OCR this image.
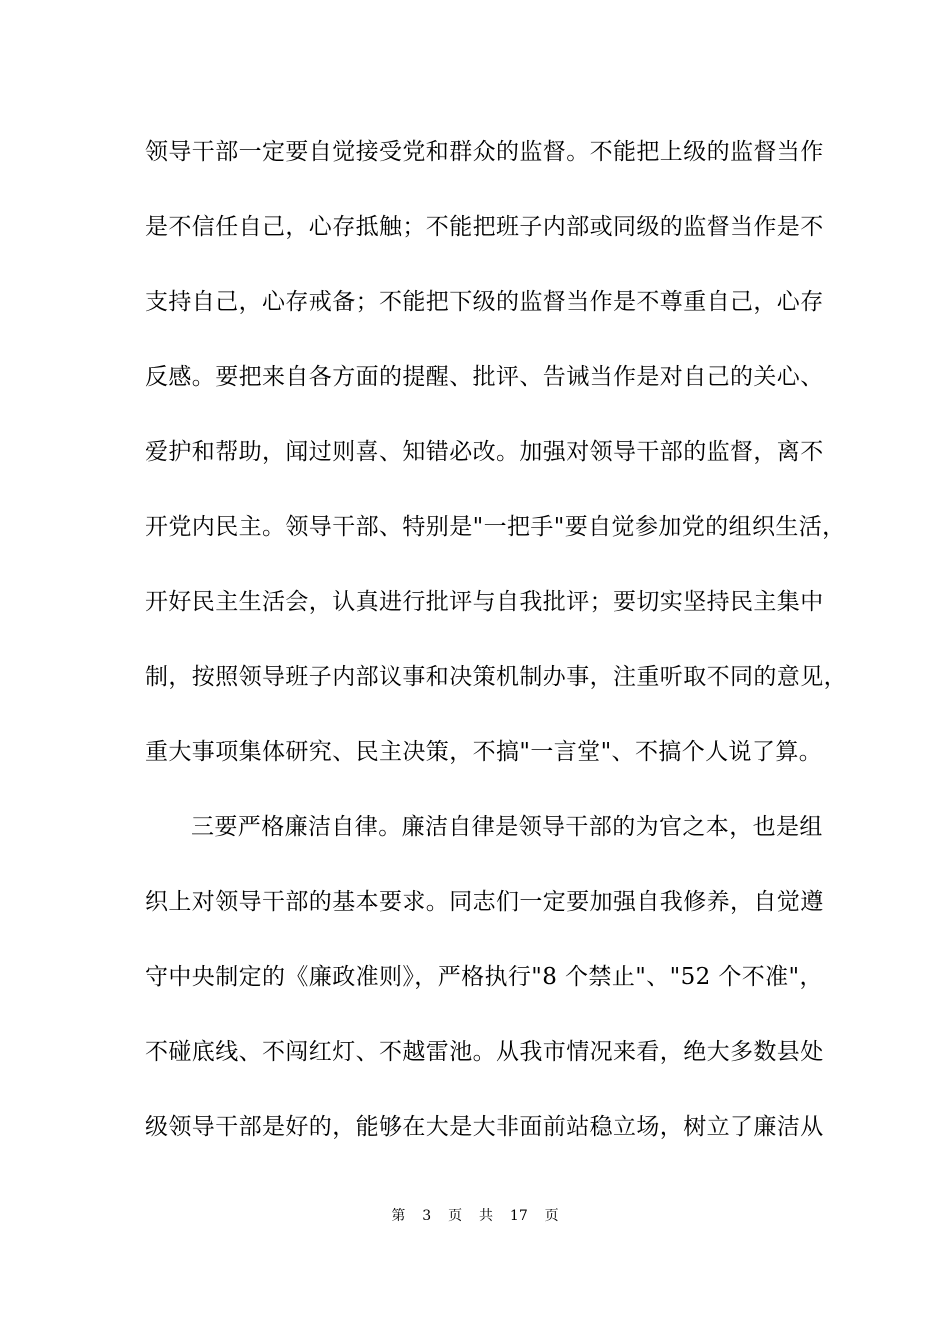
领导干部一定要自觉接受党和群众的监督。不能把上级的监督当作
是不信任自己，心存抵触；不能把班子内部或同级的监督当作是不
支持自己，心存戒备；不能把下级的监督当作是不尊重自己，心存
反感。要把来自各方面的提醒、批评、告诫当作是对自己的关心、
爱护和帮助，闻过则喜、知错必改。加强对领导干部的监督，离不
开党内民主。领导干部、特别是"一把手"要自觉参加党的组织生活，
开好民主生活会，认真进行批评与自我批评；要切实坚持民主集中
制，按照领导班子内部议事和决策机制办事，注重听取不同的意见，
重大事项集体研究、民主决策，不搞"一言堂"、不搞个人说了算。
三要严格廉洁自律。廉洁自律是领导干部的为官之本，也是组
织上对领导干部的基本要求。同志们一定要加强自我修养，自觉遵
守中央制定的《廉政准则》，严格执行"8 个禁止"、"52 个不准"，
不碰底线、不闯红灯、不越雷池。从我市情况来看，绝大多数县处
级领导干部是好的，能够在大是大非面前站稳立场，树立了廉洁从
第 3 页 共 17 页
